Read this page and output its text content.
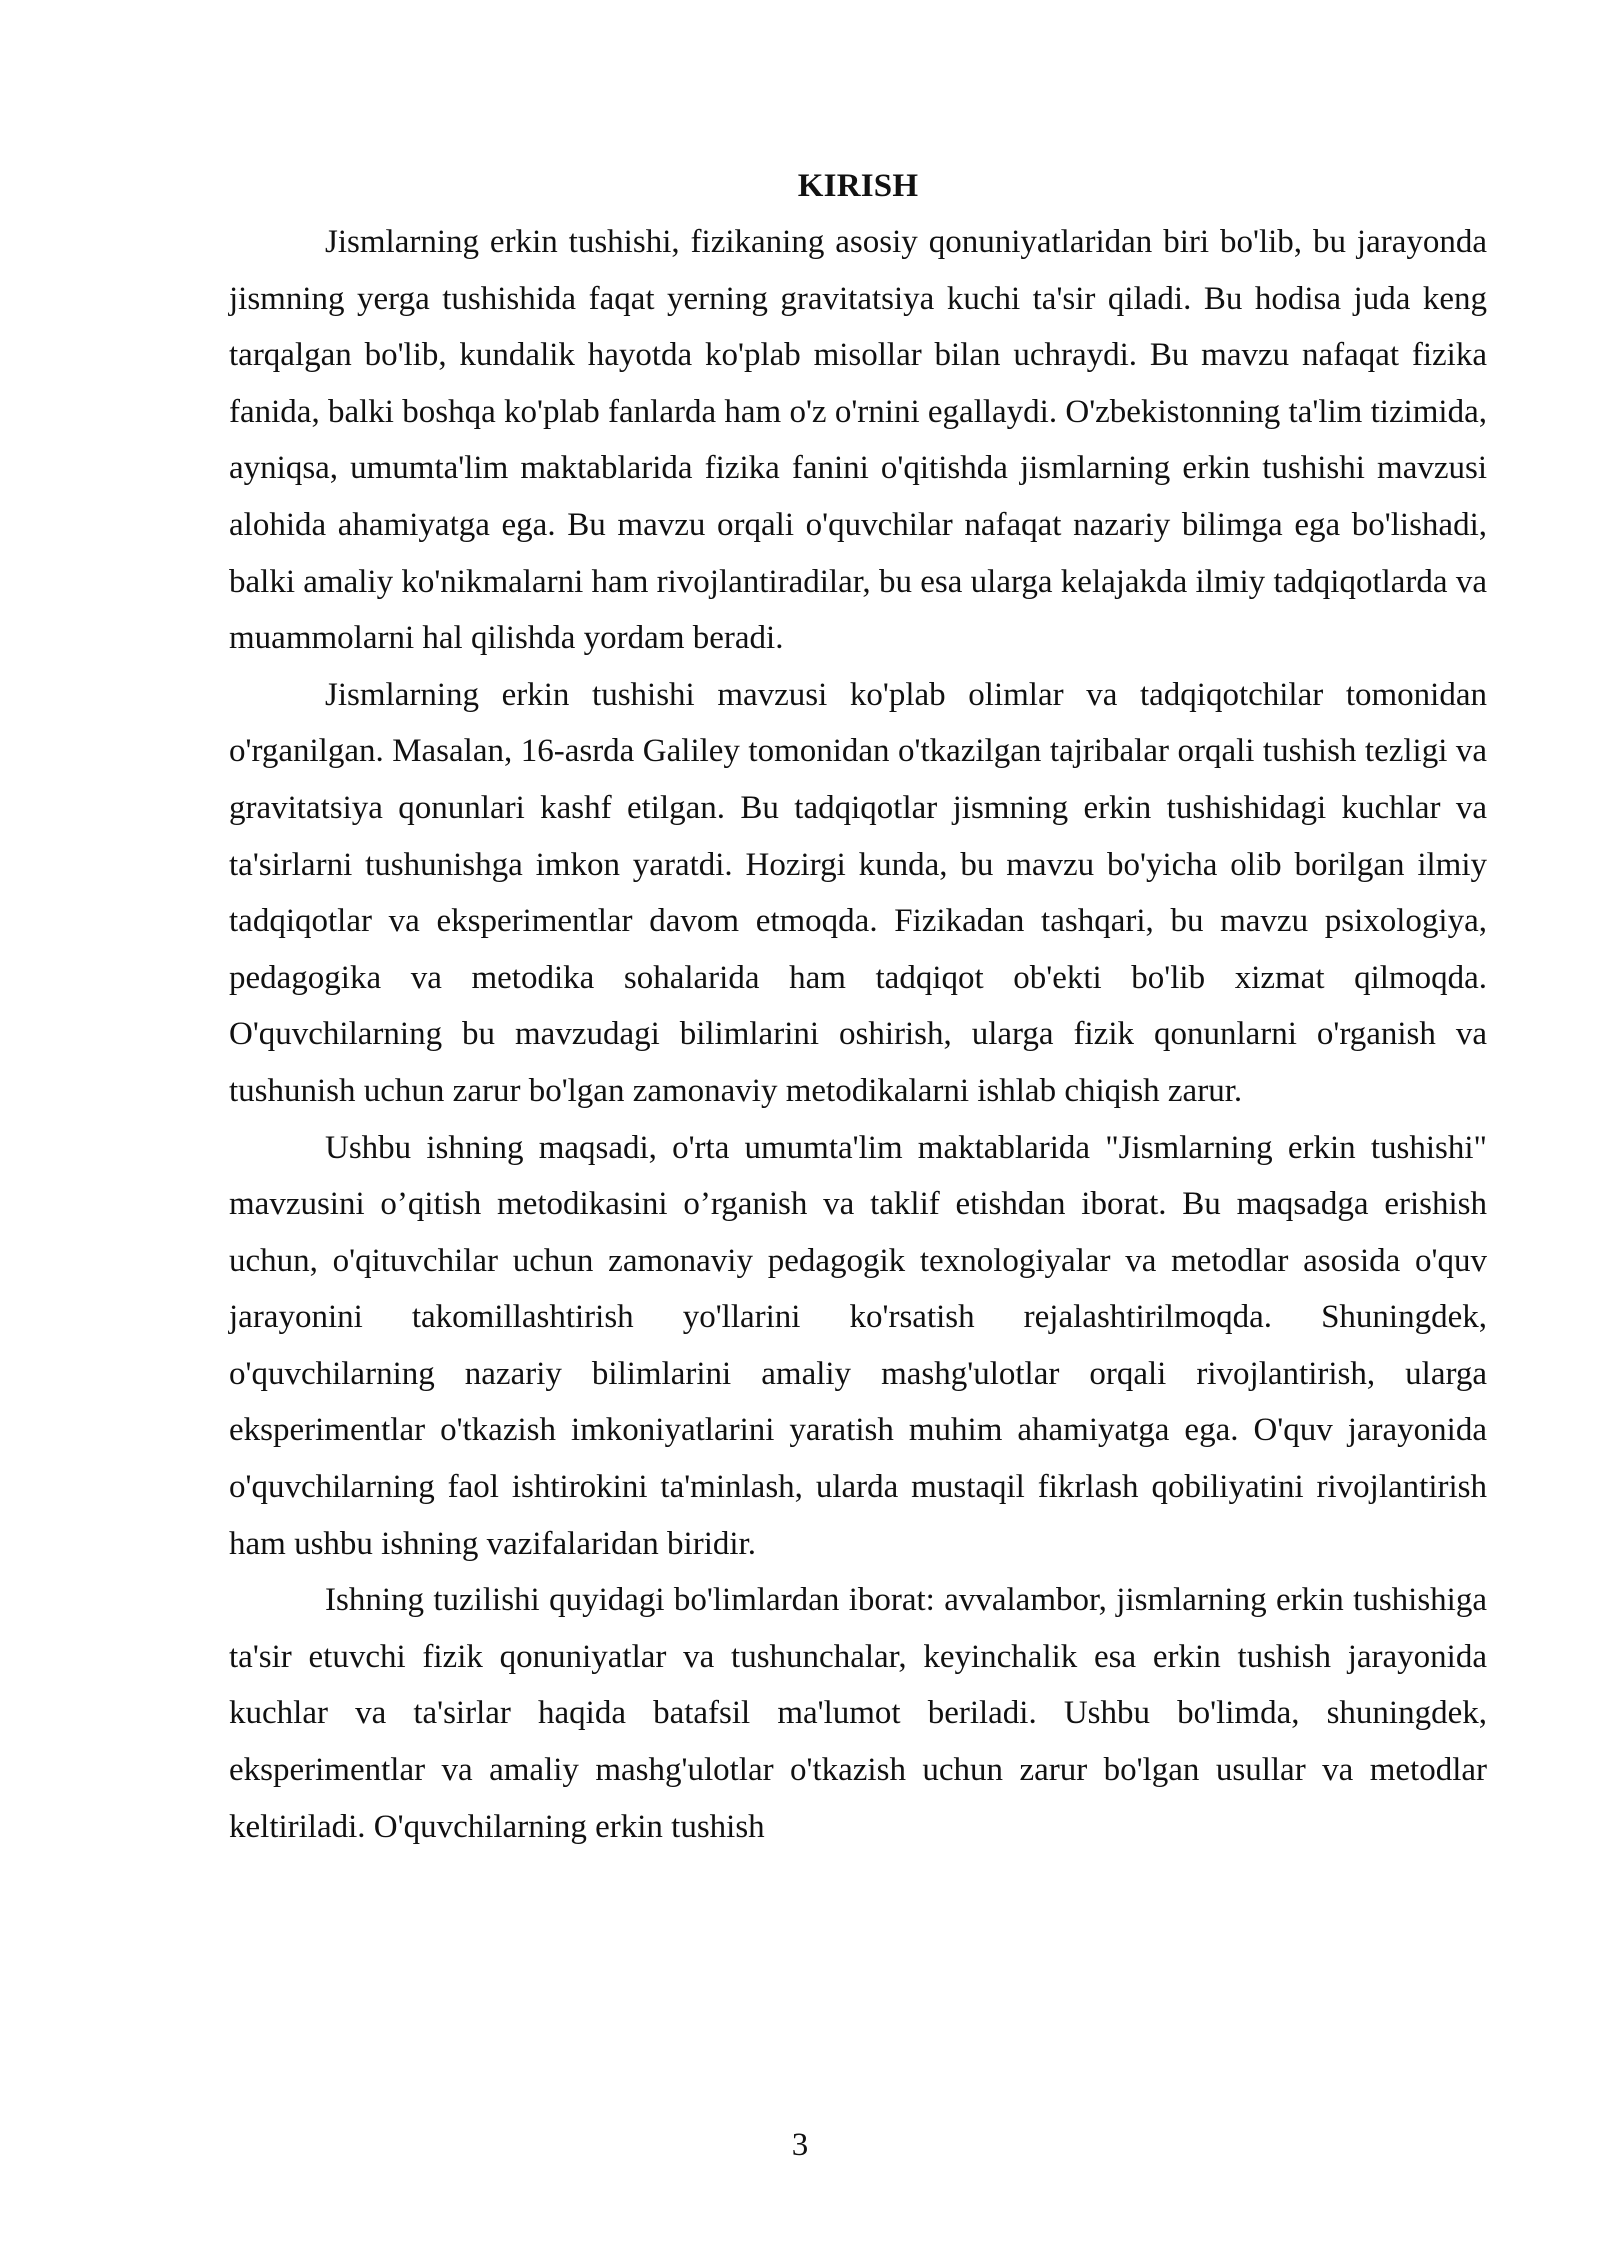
KIRISH

Jismlarning erkin tushishi, fizikaning asosiy qonuniyatlaridan biri bo'lib, bu jarayonda jismning yerga tushishida faqat yerning gravitatsiya kuchi ta'sir qiladi. Bu hodisa juda keng tarqalgan bo'lib, kundalik hayotda ko'plab misollar bilan uchraydi. Bu mavzu nafaqat fizika fanida, balki boshqa ko'plab fanlarda ham o'z o'rnini egallaydi. O'zbekistonning ta'lim tizimida, ayniqsa, umumta'lim maktablarida fizika fanini o'qitishda jismlarning erkin tushishi mavzusi alohida ahamiyatga ega. Bu mavzu orqali o'quvchilar nafaqat nazariy bilimga ega bo'lishadi, balki amaliy ko'nikmalarni ham rivojlantiradilar, bu esa ularga kelajakda ilmiy tadqiqotlarda va muammolarni hal qilishda yordam beradi.

Jismlarning erkin tushishi mavzusi ko'plab olimlar va tadqiqotchilar tomonidan o'rganilgan. Masalan, 16-asrda Galiley tomonidan o'tkazilgan tajribalar orqali tushish tezligi va gravitatsiya qonunlari kashf etilgan. Bu tadqiqotlar jismning erkin tushishidagi kuchlar va ta'sirlarni tushunishga imkon yaratdi. Hozirgi kunda, bu mavzu bo'yicha olib borilgan ilmiy tadqiqotlar va eksperimentlar davom etmoqda. Fizikadan tashqari, bu mavzu psixologiya, pedagogika va metodika sohalarida ham tadqiqot ob'ekti bo'lib xizmat qilmoqda. O'quvchilarning bu mavzudagi bilimlarini oshirish, ularga fizik qonunlarni o'rganish va tushunish uchun zarur bo'lgan zamonaviy metodikalarni ishlab chiqish zarur.

Ushbu ishning maqsadi, o'rta umumta'lim maktablarida "Jismlarning erkin tushishi" mavzusini o’qitish metodikasini o’rganish va taklif etishdan iborat. Bu maqsadga erishish uchun, o'qituvchilar uchun zamonaviy pedagogik texnologiyalar va metodlar asosida o'quv jarayonini takomillashtirish yo'llarini ko'rsatish rejalashtirilmoqda. Shuningdek, o'quvchilarning nazariy bilimlarini amaliy mashg'ulotlar orqali rivojlantirish, ularga eksperimentlar o'tkazish imkoniyatlarini yaratish muhim ahamiyatga ega. O'quv jarayonida o'quvchilarning faol ishtirokini ta'minlash, ularda mustaqil fikrlash qobiliyatini rivojlantirish ham ushbu ishning vazifalaridan biridir.

Ishning tuzilishi quyidagi bo'limlardan iborat: avvalambor, jismlarning erkin tushishiga ta'sir etuvchi fizik qonuniyatlar va tushunchalar, keyinchalik esa erkin tushish jarayonida kuchlar va ta'sirlar haqida batafsil ma'lumot beriladi. Ushbu bo'limda, shuningdek, eksperimentlar va amaliy mashg'ulotlar o'tkazish uchun zarur bo'lgan usullar va metodlar keltiriladi. O'quvchilarning erkin tushish

3
